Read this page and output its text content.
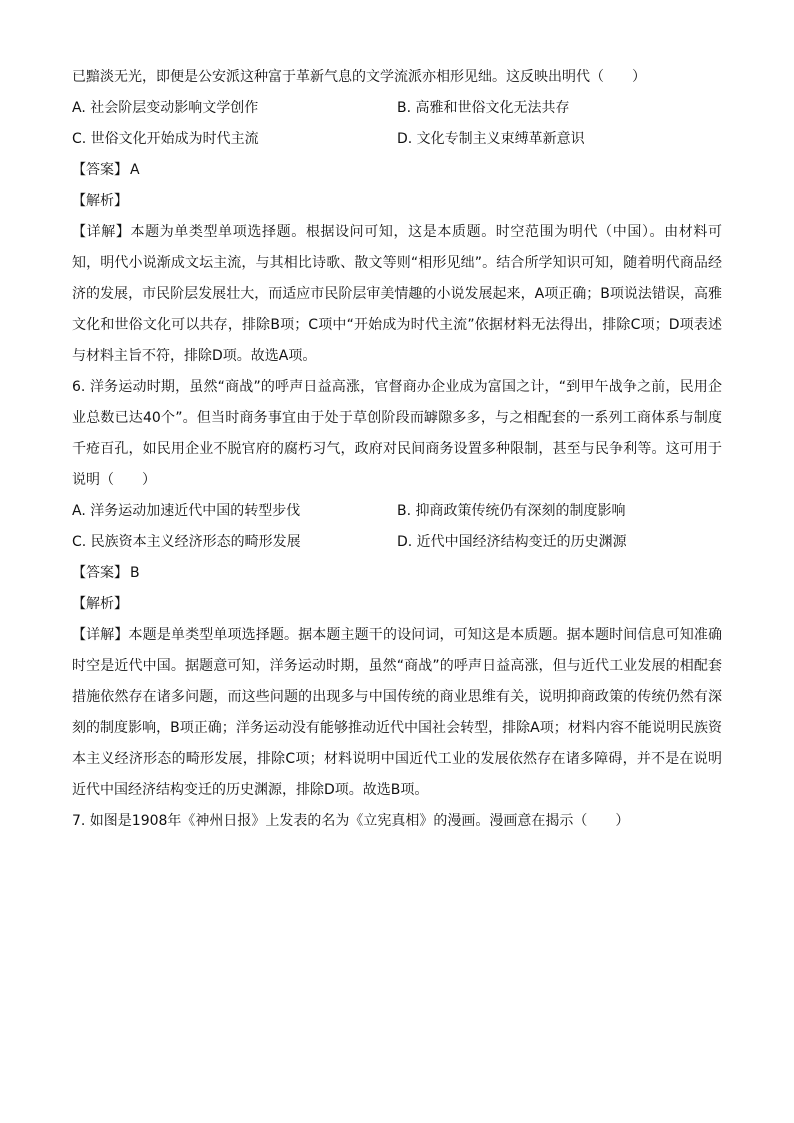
已黯淡无光，即便是公安派这种富于革新气息的文学流派亦相形见绌。这反映出明代（　　）
A. 社会阶层变动影响文学创作	B. 高雅和世俗文化无法共存
C. 世俗文化开始成为时代主流	D. 文化专制主义束缚革新意识
【答案】 A
【解析】
【详解】本题为单类型单项选择题。根据设问可知，这是本质题。时空范围为明代（中国）。由材料可知，明代小说渐成文坛主流，与其相比诗歌、散文等则“相形见绌”。结合所学知识可知，随着明代商品经济的发展，市民阶层发展壮大，而适应市民阶层审美情趣的小说发展起来，A项正确；B项说法错误，高雅文化和世俗文化可以共存，排除B项；C项中“开始成为时代主流”依据材料无法得出，排除C项；D项表述与材料主旨不符，排除D项。故选A项。
6. 洋务运动时期，虽然“商战”的呼声日益高涨，官督商办企业成为富国之计，“到甲午战争之前，民用企业总数已达40个”。但当时商务事宜由于处于草创阶段而罅隙多多，与之相配套的一系列工商体系与制度千疮百孔，如民用企业不脱官府的腐朽习气，政府对民间商务设置多种限制，甚至与民争利等。这可用于说明（　　）
A. 洋务运动加速近代中国的转型步伐	B. 抑商政策传统仍有深刻的制度影响
C. 民族资本主义经济形态的畸形发展	D. 近代中国经济结构变迁的历史渊源
【答案】 B
【解析】
【详解】本题是单类型单项选择题。据本题主题干的设问词，可知这是本质题。据本题时间信息可知准确时空是近代中国。据题意可知，洋务运动时期，虽然“商战”的呼声日益高涨，但与近代工业发展的相配套措施依然存在诸多问题，而这些问题的出现多与中国传统的商业思维有关，说明抑商政策的传统仍然有深刻的制度影响，B项正确；洋务运动没有能够推动近代中国社会转型，排除A项；材料内容不能说明民族资本主义经济形态的畸形发展，排除C项；材料说明中国近代工业的发展依然存在诸多障碍，并不是在说明近代中国经济结构变迁的历史渊源，排除D项。故选B项。
7. 如图是1908年《神州日报》上发表的名为《立宪真相》的漫画。漫画意在揭示（　　）
